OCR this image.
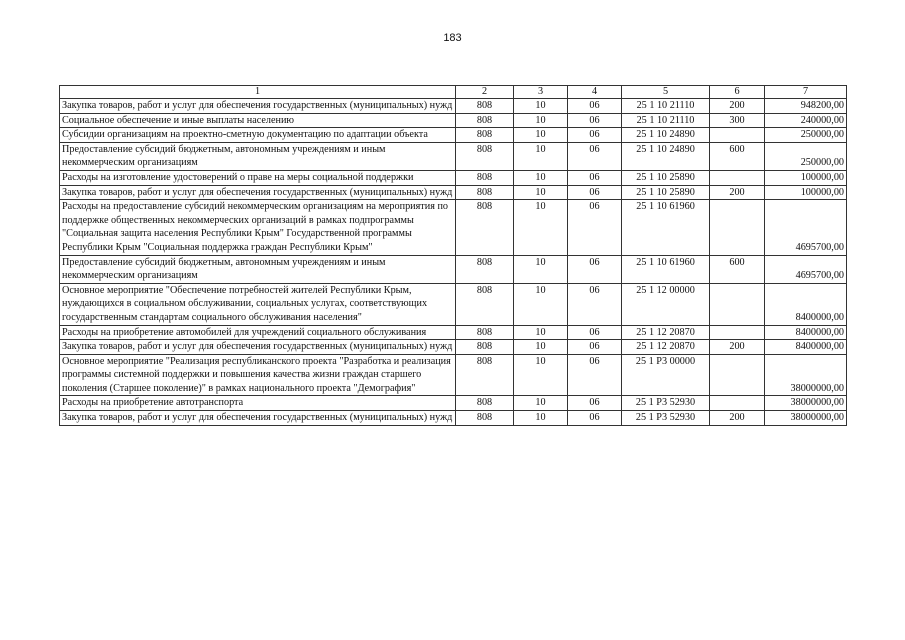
183
1	2	3	4	5	6	7
Закупка товаров, работ и услуг для обеспечения государственных (муниципальных) нужд	808	10	06	25 1 10 21110	200	948200,00
Социальное обеспечение и иные выплаты населению	808	10	06	25 1 10 21110	300	240000,00
Субсидии организациям на проектно-сметную документацию по адаптации объекта	808	10	06	25 1 10 24890		250000,00
Предоставление субсидий бюджетным, автономным учреждениям и иным некоммерческим организациям	808	10	06	25 1 10 24890	600	250000,00
Расходы на изготовление удостоверений о праве на меры социальной поддержки	808	10	06	25 1 10 25890		100000,00
Закупка товаров, работ и услуг для обеспечения государственных (муниципальных) нужд	808	10	06	25 1 10 25890	200	100000,00
Расходы на предоставление субсидий некоммерческим организациям на мероприятия по поддержке общественных некоммерческих организаций в рамках подпрограммы "Социальная защита населения Республики Крым" Государственной программы Республики Крым "Социальная поддержка граждан Республики Крым"	808	10	06	25 1 10 61960		4695700,00
Предоставление субсидий бюджетным, автономным учреждениям и иным некоммерческим организациям	808	10	06	25 1 10 61960	600	4695700,00
Основное мероприятие "Обеспечение потребностей жителей Республики Крым, нуждающихся в социальном обслуживании, социальных услугах, соответствующих государственным стандартам социального обслуживания населения"	808	10	06	25 1 12 00000		8400000,00
Расходы на приобретение автомобилей для учреждений социального обслуживания	808	10	06	25 1 12 20870		8400000,00
Закупка товаров, работ и услуг для обеспечения государственных (муниципальных) нужд	808	10	06	25 1 12 20870	200	8400000,00
Основное мероприятие "Реализация республиканского проекта "Разработка и реализация программы системной поддержки и повышения качества жизни граждан старшего поколения (Старшее поколение)" в рамках национального проекта "Демография"	808	10	06	25 1 Р3 00000		38000000,00
Расходы на приобретение автотранспорта	808	10	06	25 1 Р3 52930		38000000,00
Закупка товаров, работ и услуг для обеспечения государственных (муниципальных) нужд	808	10	06	25 1 Р3 52930	200	38000000,00
